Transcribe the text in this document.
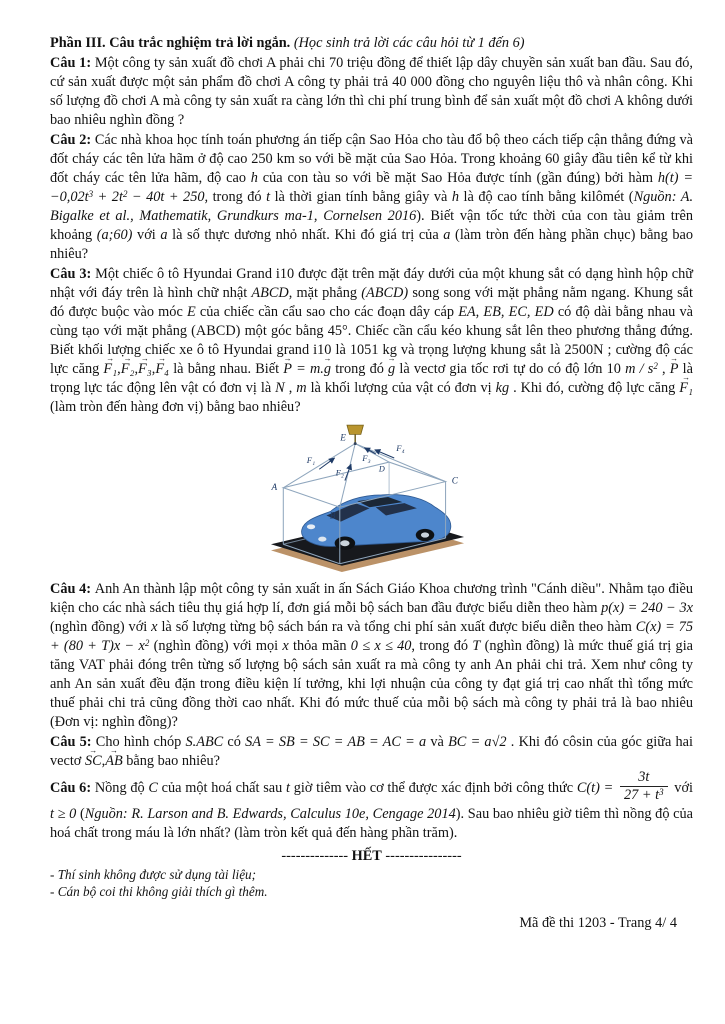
Phần III. Câu trắc nghiệm trả lời ngắn. (Học sinh trả lời các câu hỏi từ 1 đến 6)

Câu 1: Một công ty sản xuất đồ chơi A phải chi 70 triệu đồng để thiết lập dây chuyền sản xuất ban đầu. Sau đó, cứ sản xuất được một sản phẩm đồ chơi A công ty phải trả 40 000 đồng cho nguyên liệu thô và nhân công. Khi số lượng đồ chơi A mà công ty sản xuất ra càng lớn thì chi phí trung bình để sản xuất một đồ chơi A không dưới bao nhiêu nghìn đồng ?

Câu 2: Các nhà khoa học tính toán phương án tiếp cận Sao Hỏa cho tàu đổ bộ theo cách tiếp cận thẳng đứng và đốt cháy các tên lửa hãm ở độ cao 250 km so với bề mặt của Sao Hỏa. Trong khoảng 60 giây đầu tiên kể từ khi đốt cháy các tên lửa hãm, độ cao h của con tàu so với bề mặt Sao Hỏa được tính (gần đúng) bởi hàm $h(t) = -0,02t^3 + 2t^2 - 40t + 250$, trong đó t là thời gian tính bằng giây và h là độ cao tính bằng kilômét (Nguồn: A. Bigalke et al., Mathematik, Grundkurs ma-1, Cornelsen 2016). Biết vận tốc tức thời của con tàu giảm trên khoảng (a;60) với a là số thực dương nhỏ nhất. Khi đó giá trị của a (làm tròn đến hàng phần chục) bằng bao nhiêu?

Câu 3: Một chiếc ô tô Hyundai Grand i10 được đặt trên mặt đáy dưới của một khung sắt có dạng hình hộp chữ nhật với đáy trên là hình chữ nhật ABCD, mặt phẳng (ABCD) song song với mặt phẳng nằm ngang. Khung sắt đó được buộc vào móc E của chiếc cần cẩu sao cho các đoạn dây cáp EA, EB, EC, ED có độ dài bằng nhau và cùng tạo với mặt phẳng (ABCD) một góc bằng 45°. Chiếc cần cẩu kéo khung sắt lên theo phương thẳng đứng. Biết khối lượng chiếc xe ô tô Hyundai grand i10 là 1051 kg và trọng lượng khung sắt là 2500N ; cường độ các lực căng → F₁,→ F₂,→ F₃,→ F₄ là bằng nhau. Biết → P = m.→ g trong đó → g là vectơ gia tốc rơi tự do có độ lớn 10 m / $s^2$ , → P là trọng lực tác động lên vật có đơn vị là N , m là khối lượng của vật có đơn vị kg . Khi đó, cường độ lực căng → F₁ (làm tròn đến hàng đơn vị) bằng bao nhiêu?

E
A
B
C
D
F₁
F₂
F₃
F₄

Câu 4: Anh An thành lập một công ty sản xuất in ấn Sách Giáo Khoa chương trình "Cánh diều". Nhằm tạo điều kiện cho các nhà sách tiêu thụ giá hợp lí, đơn giá mỗi bộ sách ban đầu được biểu diễn theo hàm p(x) = 240 − 3x (nghìn đồng) với x là số lượng từng bộ sách bán ra và tổng chi phí sản xuất được biểu diễn theo hàm $C(x) = 75 + (80 + T)x - x^2$ (nghìn đồng) với mọi x thỏa mãn 0 ≤ x ≤ 40, trong đó T (nghìn đồng) là mức thuế giá trị gia tăng VAT phải đóng trên từng số lượng bộ sách sản xuất ra mà công ty anh An phải chi trả. Xem như công ty anh An sản xuất đều đặn trong điều kiện lí tưởng, khi lợi nhuận của công ty đạt giá trị cao nhất thì tổng mức thuế phải chi trả cũng đồng thời cao nhất. Khi đó mức thuế của mỗi bộ sách mà công ty phải trả là bao nhiêu (Đơn vị: nghìn đồng)?

Câu 5: Cho hình chóp S.ABC có SA = SB = SC = AB = AC = a và BC = a√2 . Khi đó côsin của góc giữa hai vectơ → SC,→ AB bằng bao nhiêu?

Câu 6: Nồng độ C của một hoá chất sau t giờ tiêm vào cơ thể được xác định bởi công thức $C(t) = \frac{3t}{27 + t^3}$ với t ≥ 0 (Nguồn: R. Larson and B. Edwards, Calculus 10e, Cengage 2014). Sau bao nhiêu giờ tiêm thì nồng độ của hoá chất trong máu là lớn nhất? (làm tròn kết quả đến hàng phần trăm).

-------------- HẾT ----------------

- Thí sinh không được sử dụng tài liệu;

- Cán bộ coi thi không giải thích gì thêm.

Mã đề thi 1203 - Trang 4/ 4
